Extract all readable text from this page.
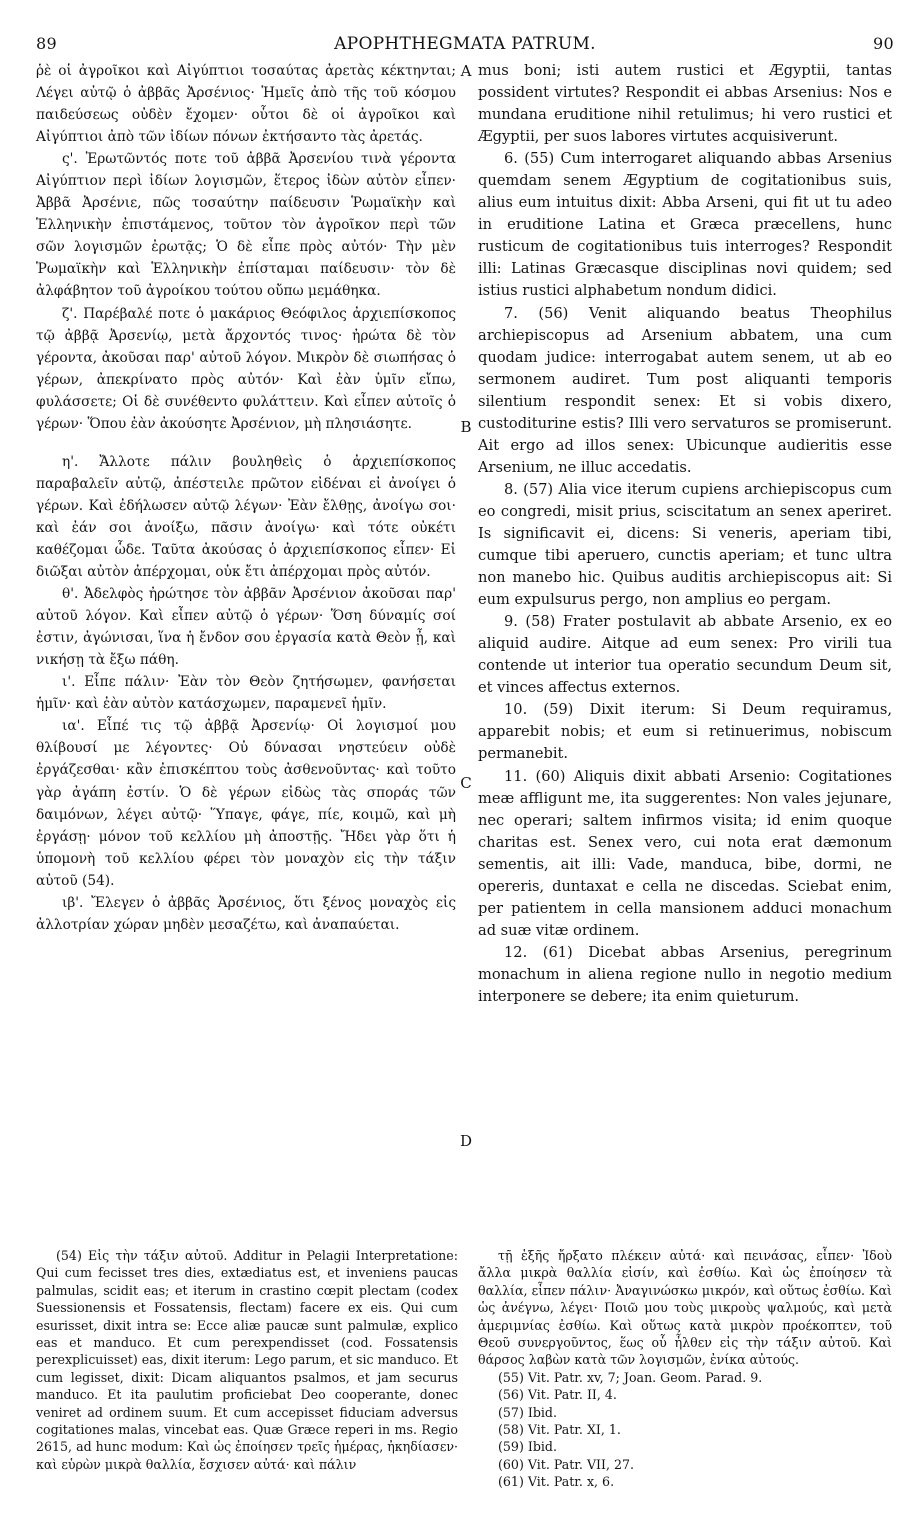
89	APOPHTHEGMATA PATRUM.	90

ῥὲ οἱ ἀγροῖκοι καὶ Αἰγύπτιοι τοσαύτας ἀρετὰς κέκτηνται; Λέγει αὐτῷ ὁ ἀββᾶς Ἀρσένιος· Ἡμεῖς ἀπὸ τῆς τοῦ κόσμου παιδεύσεως οὐδὲν ἔχομεν· οὗτοι δὲ οἱ ἀγροῖκοι καὶ Αἰγύπτιοι ἀπὸ τῶν ἰδίων πόνων ἐκτήσαντο τὰς ἀρετάς.

ς'. Ἐρωτῶντός ποτε τοῦ ἀββᾶ Ἀρσενίου τινὰ γέροντα Αἰγύπτιον περὶ ἰδίων λογισμῶν, ἕτερος ἰδὼν αὐτὸν εἶπεν· Ἀββᾶ Ἀρσένιε, πῶς τοσαύτην παίδευσιν Ῥωμαϊκὴν καὶ Ἑλληνικὴν ἐπιστάμενος, τοῦτον τὸν ἀγροῖκον περὶ τῶν σῶν λογισμῶν ἐρωτᾷς; Ὁ δὲ εἶπε πρὸς αὐτόν· Τὴν μὲν Ῥωμαϊκὴν καὶ Ἑλληνικὴν ἐπίσταμαι παίδευσιν· τὸν δὲ ἀλφάβητον τοῦ ἀγροίκου τούτου οὔπω μεμάθηκα.

ζ'. Παρέβαλέ ποτε ὁ μακάριος Θεόφιλος ἀρχιεπίσκοπος τῷ ἀββᾷ Ἀρσενίῳ, μετὰ ἄρχοντός τινος· ἠρώτα δὲ τὸν γέροντα, ἀκοῦσαι παρ' αὐτοῦ λόγον. Μικρὸν δὲ σιωπήσας ὁ γέρων, ἀπεκρίνατο πρὸς αὐτόν· Καὶ ἐὰν ὑμῖν εἴπω, φυλάσσετε; Οἱ δὲ συνέθεντο φυλάττειν. Καὶ εἶπεν αὐτοῖς ὁ γέρων· Ὅπου ἐὰν ἀκούσητε Ἀρσένιον, μὴ πλησιάσητε.

η'. Ἄλλοτε πάλιν βουληθεὶς ὁ ἀρχιεπίσκοπος παραβαλεῖν αὐτῷ, ἀπέστειλε πρῶτον εἰδέναι εἰ ἀνοίγει ὁ γέρων. Καὶ ἐδήλωσεν αὐτῷ λέγων· Ἐὰν ἔλθῃς, ἀνοίγω σοι· καὶ ἐάν σοι ἀνοίξω, πᾶσιν ἀνοίγω· καὶ τότε οὐκέτι καθέζομαι ὧδε. Ταῦτα ἀκούσας ὁ ἀρχιεπίσκοπος εἶπεν· Εἰ διῶξαι αὐτὸν ἀπέρχομαι, οὐκ ἔτι ἀπέρχομαι πρὸς αὐτόν.

θ'. Ἀδελφὸς ἠρώτησε τὸν ἀββᾶν Ἀρσένιον ἀκοῦσαι παρ' αὐτοῦ λόγον. Καὶ εἶπεν αὐτῷ ὁ γέρων· Ὅση δύναμίς σοί ἐστιν, ἀγώνισαι, ἵνα ἡ ἔνδον σου ἐργασία κατὰ Θεὸν ᾖ, καὶ νικήσῃ τὰ ἔξω πάθη.

ι'. Εἶπε πάλιν· Ἐὰν τὸν Θεὸν ζητήσωμεν, φανήσεται ἡμῖν· καὶ ἐὰν αὐτὸν κατάσχωμεν, παραμενεῖ ἡμῖν.

ια'. Εἶπέ τις τῷ ἀββᾷ Ἀρσενίῳ· Οἱ λογισμοί μου θλίβουσί με λέγοντες· Οὐ δύνασαι νηστεύειν οὐδὲ ἐργάζεσθαι· κἂν ἐπισκέπτου τοὺς ἀσθενοῦντας· καὶ τοῦτο γὰρ ἀγάπη ἐστίν. Ὁ δὲ γέρων εἰδὼς τὰς σποράς τῶν δαιμόνων, λέγει αὐτῷ· Ὕπαγε, φάγε, πίε, κοιμῶ, καὶ μὴ ἐργάσῃ· μόνον τοῦ κελλίου μὴ ἀποστῇς. Ἤδει γὰρ ὅτι ἡ ὑπομονὴ τοῦ κελλίου φέρει τὸν μοναχὸν εἰς τὴν τάξιν αὐτοῦ (54).

ιβ'. Ἔλεγεν ὁ ἀββᾶς Ἀρσένιος, ὅτι ξένος μοναχὸς εἰς ἀλλοτρίαν χώραν μηδὲν μεσαζέτω, καὶ ἀναπαύεται.

A
B
C
D

mus boni; isti autem rustici et Ægyptii, tantas possident virtutes? Respondit ei abbas Arsenius: Nos e mundana eruditione nihil retulimus; hi vero rustici et Ægyptii, per suos labores virtutes acquisiverunt.

6. (55) Cum interrogaret aliquando abbas Arsenius quemdam senem Ægyptium de cogitationibus suis, alius eum intuitus dixit: Abba Arseni, qui fit ut tu adeo in eruditione Latina et Græca præcellens, hunc rusticum de cogitationibus tuis interroges? Respondit illi: Latinas Græcasque disciplinas novi quidem; sed istius rustici alphabetum nondum didici.

7. (56) Venit aliquando beatus Theophilus archiepiscopus ad Arsenium abbatem, una cum quodam judice: interrogabat autem senem, ut ab eo sermonem audiret. Tum post aliquanti temporis silentium respondit senex: Et si vobis dixero, custoditurine estis? Illi vero servaturos se promiserunt. Ait ergo ad illos senex: Ubicunque audieritis esse Arsenium, ne illuc accedatis.

8. (57) Alia vice iterum cupiens archiepiscopus cum eo congredi, misit prius, sciscitatum an senex aperiret. Is significavit ei, dicens: Si veneris, aperiam tibi, cumque tibi aperuero, cunctis aperiam; et tunc ultra non manebo hic. Quibus auditis archiepiscopus ait: Si eum expulsurus pergo, non amplius eo pergam.

9. (58) Frater postulavit ab abbate Arsenio, ex eo aliquid audire. Aitque ad eum senex: Pro virili tua contende ut interior tua operatio secundum Deum sit, et vinces affectus externos.

10. (59) Dixit iterum: Si Deum requiramus, apparebit nobis; et eum si retinuerimus, nobiscum permanebit.

11. (60) Aliquis dixit abbati Arsenio: Cogitationes meæ affligunt me, ita suggerentes: Non vales jejunare, nec operari; saltem infirmos visita; id enim quoque charitas est. Senex vero, cui nota erat dæmonum sementis, ait illi: Vade, manduca, bibe, dormi, ne opereris, duntaxat e cella ne discedas. Sciebat enim, per patientem in cella mansionem adduci monachum ad suæ vitæ ordinem.

12. (61) Dicebat abbas Arsenius, peregrinum monachum in aliena regione nullo in negotio medium interponere se debere; ita enim quieturum.

(54) Εἰς τὴν τάξιν αὐτοῦ. Additur in Pelagii Interpretatione: Qui cum fecisset tres dies, extædiatus est, et inveniens paucas palmulas, scidit eas; et iterum in crastino cœpit plectam (codex Suessionensis et Fossatensis, flectam) facere ex eis. Qui cum esurisset, dixit intra se: Ecce aliæ paucæ sunt palmulæ, explico eas et manduco. Et cum perexpendisset (cod. Fossatensis perexplicuisset) eas, dixit iterum: Lego parum, et sic manduco. Et cum legisset, dixit: Dicam aliquantos psalmos, et jam securus manduco. Et ita paulutim proficiebat Deo cooperante, donec veniret ad ordinem suum. Et cum accepisset fiduciam adversus cogitationes malas, vincebat eas. Quæ Græce reperi in ms. Regio 2615, ad hunc modum: Καὶ ὡς ἐποίησεν τρεῖς ἡμέρας, ἠκηδίασεν· καὶ εὑρὼν μικρὰ θαλλία, ἔσχισεν αὐτά· καὶ πάλιν

τῇ ἑξῆς ἤρξατο πλέκειν αὐτά· καὶ πεινάσας, εἶπεν· Ἰδοὺ ἄλλα μικρὰ θαλλία εἰσίν, καὶ ἐσθίω. Καὶ ὡς ἐποίησεν τὰ θαλλία, εἶπεν πάλιν· Ἀναγινώσκω μικρόν, καὶ οὕτως ἐσθίω. Καὶ ὡς ἀνέγνω, λέγει· Ποιῶ μου τοὺς μικροὺς ψαλμούς, καὶ μετὰ ἀμεριμνίας ἐσθίω. Καὶ οὕτως κατὰ μικρὸν προέκοπτεν, τοῦ Θεοῦ συνεργοῦντος, ἕως οὗ ἦλθεν εἰς τὴν τάξιν αὐτοῦ. Καὶ θάρσος λαβὼν κατὰ τῶν λογισμῶν, ἐνίκα αὐτούς.

(55) Vit. Patr. xv, 7; Joan. Geom. Parad. 9.
(56) Vit. Patr. II, 4.
(57) Ibid.
(58) Vit. Patr. XI, 1.
(59) Ibid.
(60) Vit. Patr. VII, 27.
(61) Vit. Patr. x, 6.
